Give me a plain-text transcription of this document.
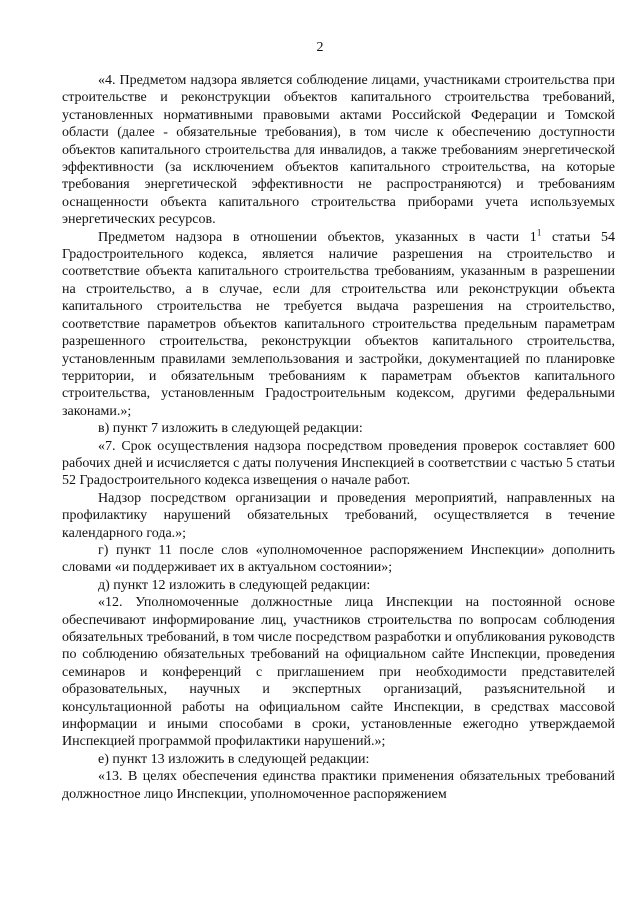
2

«4. Предметом надзора является соблюдение лицами, участниками строительства при строительстве и реконструкции объектов капитального строительства требований, установленных нормативными правовыми актами Российской Федерации и Томской области (далее - обязательные требования), в том числе к обеспечению доступности объектов капитального строительства для инвалидов, а также требованиям энергетической эффективности (за исключением объектов капитального строительства, на которые требования энергетической эффективности не распространяются) и требованиям оснащенности объекта капитального строительства приборами учета используемых энергетических ресурсов.

Предметом надзора в отношении объектов, указанных в части $1^1$ статьи 54 Градостроительного кодекса, является наличие разрешения на строительство и соответствие объекта капитального строительства требованиям, указанным в разрешении на строительство, а в случае, если для строительства или реконструкции объекта капитального строительства не требуется выдача разрешения на строительство, соответствие параметров объектов капитального строительства предельным параметрам разрешенного строительства, реконструкции объектов капитального строительства, установленным правилами землепользования и застройки, документацией по планировке территории, и обязательным требованиям к параметрам объектов капитального строительства, установленным Градостроительным кодексом, другими федеральными законами.»;

в) пункт 7 изложить в следующей редакции:

«7. Срок осуществления надзора посредством проведения проверок составляет 600 рабочих дней и исчисляется с даты получения Инспекцией в соответствии с частью 5 статьи 52 Градостроительного кодекса извещения о начале работ.

Надзор посредством организации и проведения мероприятий, направленных на профилактику нарушений обязательных требований, осуществляется в течение календарного года.»;

г) пункт 11 после слов «уполномоченное распоряжением Инспекции» дополнить словами «и поддерживает их в актуальном состоянии»;

д) пункт 12 изложить в следующей редакции:

«12. Уполномоченные должностные лица Инспекции на постоянной основе обеспечивают информирование лиц, участников строительства по вопросам соблюдения обязательных требований, в том числе посредством разработки и опубликования руководств по соблюдению обязательных требований на официальном сайте Инспекции, проведения семинаров и конференций с приглашением при необходимости представителей образовательных, научных и экспертных организаций, разъяснительной и консультационной работы на официальном сайте Инспекции, в средствах массовой информации и иными способами в сроки, установленные ежегодно утверждаемой Инспекцией программой профилактики нарушений.»;

е) пункт 13 изложить в следующей редакции:

«13. В целях обеспечения единства практики применения обязательных требований должностное лицо Инспекции, уполномоченное распоряжением
